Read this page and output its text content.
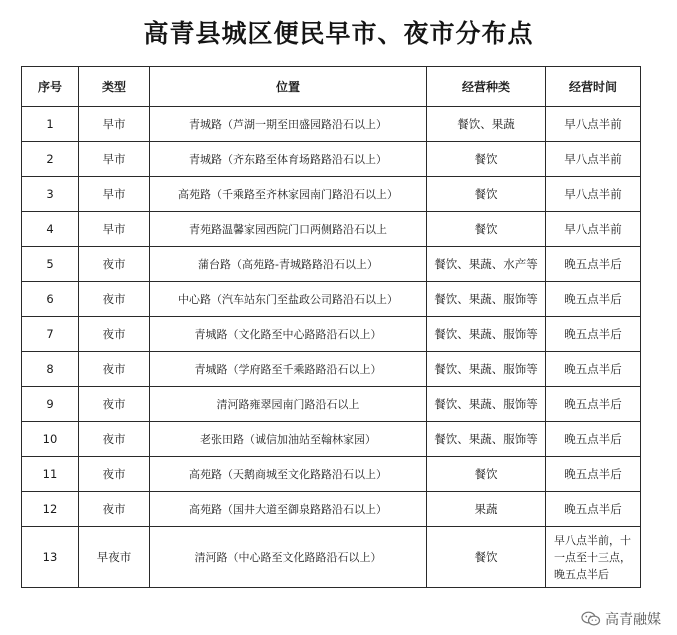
高青县城区便民早市、夜市分布点
序号	类型	位置	经营种类	经营时间
1	早市	青城路（芦湖一期至田盛园路沿石以上）	餐饮、果蔬	早八点半前
2	早市	青城路（齐东路至体育场路路沿石以上）	餐饮	早八点半前
3	早市	高苑路（千乘路至齐林家园南门路沿石以上）	餐饮	早八点半前
4	早市	青苑路温馨家园西院门口两侧路沿石以上	餐饮	早八点半前
5	夜市	蒲台路（高苑路-青城路路沿石以上）	餐饮、果蔬、水产等	晚五点半后
6	夜市	中心路（汽车站东门至盐政公司路沿石以上）	餐饮、果蔬、服饰等	晚五点半后
7	夜市	青城路（文化路至中心路路沿石以上）	餐饮、果蔬、服饰等	晚五点半后
8	夜市	青城路（学府路至千乘路路沿石以上）	餐饮、果蔬、服饰等	晚五点半后
9	夜市	清河路雍翠园南门路沿石以上	餐饮、果蔬、服饰等	晚五点半后
10	夜市	老张田路（诚信加油站至翰林家园）	餐饮、果蔬、服饰等	晚五点半后
11	夜市	高苑路（天鹅商城至文化路路沿石以上）	餐饮	晚五点半后
12	夜市	高苑路（国井大道至御泉路路沿石以上）	果蔬	晚五点半后
13	早夜市	清河路（中心路至文化路路沿石以上）	餐饮	早八点半前，十
一点至十三点，
晚五点半后
高青融媒
